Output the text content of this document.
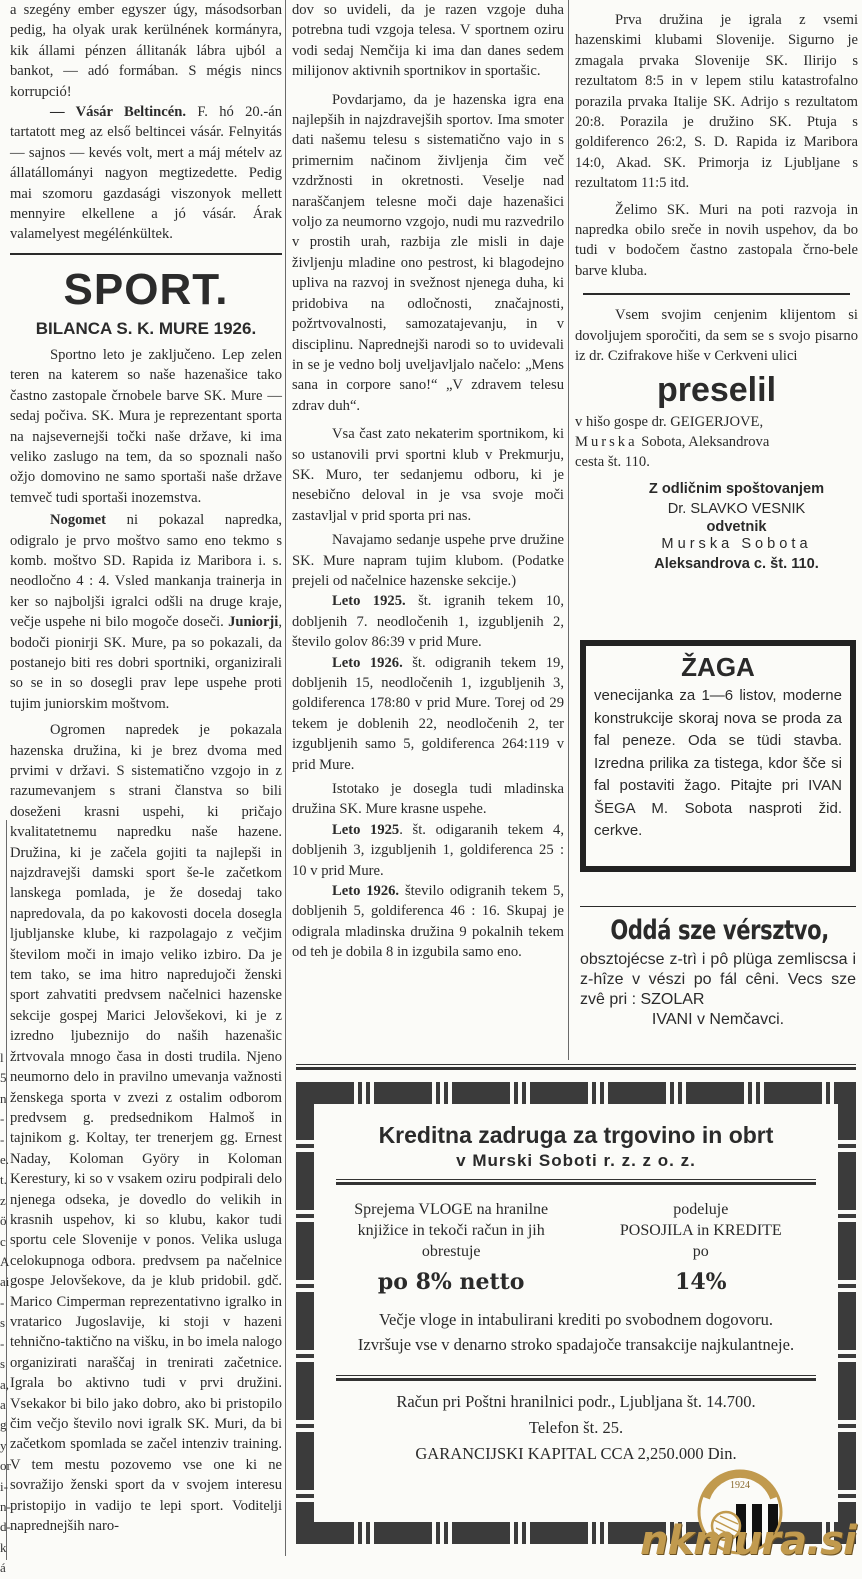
l
5
n
-
-
e.
t.
z
ö
c
A
ai
-
s
-
s
a,
a
g
y
or
i-
n-
d-
k
á

a szegény ember egyszer úgy, másodsorban pedig, ha olyak urak kerülnének kormányra, kik állami pénzen állitanák lábra ujból a bankot, — adó formában. S mégis nincs korrupció!

— Vásár Beltincén. F. hó 20.-án tartatott meg az első beltincei vásár. Felnyitás — sajnos — kevés volt, mert a máj mételv az állatállományi nagyon megtizedette. Pedig mai szomoru gazdasági viszonyok mellett mennyire elkellene a jó vásár. Árak valamelyest megélénkültek.

SPORT.
BILANCA S. K. MURE 1926.

Sportno leto je zaključeno. Lep zelen teren na katerem so naše hazenašice tako častno zastopale črnobele barve SK. Mure — sedaj počiva. SK. Mura je reprezentant sporta na najsevernejši točki naše države, ki ima veliko zaslugo na tem, da so spoznali našo ožjo domovino ne samo sportaši naše države temveč tudi sportaši inozemstva.

Nogomet ni pokazal napredka, odigralo je prvo moštvo samo eno tekmo s komb. moštvo SD. Rapida iz Maribora i. s. neodločno 4 : 4. Vsled mankanja trainerja in ker so najboljši igralci odšli na druge kraje, večje uspehe ni bilo mogoče doseči. Juniorji, bodoči pionirji SK. Mure, pa so pokazali, da postanejo biti res dobri sportniki, organizirali so se in so dosegli prav lepe uspehe proti tujim juniorskim moštvom.

Ogromen napredek je pokazala hazenska družina, ki je brez dvoma med prvimi v državi. S sistematično vzgojo in z razumevanjem s strani članstva so bili doseženi krasni uspehi, ki pričajo kvalitatetnemu napredku naše hazene. Družina, ki je začela gojiti ta najlepši in najzdravejši damski sport še-le začetkom lanskega pomlada, je že dosedaj tako napredovala, da po kakovosti docela dosegla ljubljanske klube, ki razpolagajo z večjim številom moči in imajo veliko izbiro. Da je tem tako, se ima hitro napredujoči ženski sport zahvatiti predvsem načelnici hazenske sekcije gospej Marici Jelovšekovi, ki je z izredno ljubeznijo do naših hazenašic žrtvovala mnogo časa in dosti trudila. Njeno neumorno delo in pravilno umevanja važnosti ženskega sporta v zvezi z ostalim odborom predvsem g. predsednikom Halmoš in tajnikom g. Koltay, ter trenerjem gg. Ernest Naday, Koloman Györy in Koloman Kerestury, ki so v vsakem oziru podpirali delo njenega odseka, je dovedlo do velikih in krasnih uspehov, ki so klubu, kakor tudi sportu cele Slovenije v ponos. Velika usluga celokupnoga odbora. predvsem pa načelnice gospe Jelovšekove, da je klub pridobil. gdč. Marico Cimperman reprezentativno igralko in vratarico Jugoslavije, ki stoji v hazeni tehnično-taktično na višku, in bo imela nalogo organizirati naraščaj in trenirati začetnice. Igrala bo aktivno tudi v prvi družini. Vsekakor bi bilo jako dobro, ako bi pristopilo čim večjo število novi igralk SK. Muri, da bi začetkom spomlada se začel intenziv training. V tem mestu pozovemo vse one ki ne sovražijo ženski sport da v svojem interesu pristopijo in vadijo te lepi sport. Voditelji naprednejših naro-

dov so uvideli, da je razen vzgoje duha potrebna tudi vzgoja telesa. V sportnem oziru vodi sedaj Nemčija ki ima dan danes sedem milijonov aktivnih sportnikov in sportašic.

Povdarjamo, da je hazenska igra ena najlepših in najzdravejših sportov. Ima smoter dati našemu telesu s sistematično vajo in s primernim načinom življenja čim več vzdržnosti in okretnosti. Veselje nad naraščanjem telesne moči daje hazenašici voljo za neumorno vzgojo, nudi mu razvedrilo v prostih urah, razbija zle misli in daje življenju mladine ono pestrost, ki blagodejno upliva na razvoj in svežnost njenega duha, ki pridobiva na odločnosti, značajnosti, požrtvovalnosti, samozatajevanju, in v disciplinu. Naprednejši narodi so to uvidevali in se je vedno bolj uveljavljalo načelo: „Mens sana in corpore sano!“ „V zdravem telesu zdrav duh“.

Vsa čast zato nekaterim sportnikom, ki so ustanovili prvi sportni klub v Prekmurju, SK. Muro, ter sedanjemu odboru, ki je nesebično deloval in je vsa svoje moči zastavljal v prid sporta pri nas.

Navajamo sedanje uspehe prve družine SK. Mure napram tujim klubom. (Podatke prejeli od načelnice hazenske sekcije.)

Leto 1925. št. igranih tekem 10, dobljenih 7. neodločenih 1, izgubljenih 2, število golov 86:39 v prid Mure.

Leto 1926. št. odigranih tekem 19, dobljenih 15, neodločenih 1, izgubljenih 3, goldiferenca 178:80 v prid Mure. Torej od 29 tekem je doblenih 22, neodločenih 2, ter izgubljenih samo 5, goldiferenca 264:119 v prid Mure.

Istotako je dosegla tudi mladinska družina SK. Mure krasne uspehe.

Leto 1925. št. odigaranih tekem 4, dobljenih 3, izgubljenih 1, goldiferenca 25 : 10 v prid Mure.

Leto 1926. število odigranih tekem 5, dobljenih 5, goldiferenca 46 : 16. Skupaj je odigrala mladinska družina 9 pokalnih tekem od teh je dobila 8 in izgubila samo eno.

Prva družina je igrala z vsemi hazenskimi klubami Slovenije. Sigurno je zmagala prvaka Slovenije SK. Ilirijo s rezultatom 8:5 in v lepem stilu katastrofalno porazila prvaka Italije SK. Adrijo s rezultatom 20:8. Porazila je družino SK. Ptuja s goldiferenco 26:2, S. D. Rapida iz Maribora 14:0, Akad. SK. Primorja iz Ljubljane s rezultatom 11:5 itd.

Želimo SK. Muri na poti razvoja in napredka obilo sreče in novih uspehov, da bo tudi v bodočem častno zastopala črno-bele barve kluba.

Vsem svojim cenjenim klijentom si dovoljujem sporočiti, da sem se s svojo pisarno iz dr. Czifrakove hiše v Cerkveni ulici

preselil

v hišo gospe dr. GEIGERJOVE,

Murska Sobota, Aleksandrova

cesta št. 110.

Z odličnim spoštovanjem

Dr. SLAVKO VESNIK

odvetnik

Murska Sobota

Aleksandrova c. št. 110.

ŽAGA

venecijanka za 1—6 listov, moderne konstrukcije skoraj nova se proda za fal peneze. Oda se tüdi stavba. Izredna prilika za tistega, kdor šče si fal postaviti žago. Pitajte pri IVAN ŠEGA M. Sobota nasproti žid. cerkve.

Oddá sze vérsztvo,

obsztojécse z-trì i pô plüga zemliscsa i z-hîze v vészi po fál cêni. Vecs sze zvê pri : SZOLAR

IVANI v Nemčavci.

Kreditna zadruga za trgovino in obrt
v Murski Soboti r. z. z o. z.
Sprejema VLOGE na hranilne knjižice in tekoči račun in jih obrestuje
po 8% netto
podeluje
POSOJILA in KREDITE
po
14%
Večje vloge in intabulirani krediti po svobodnem dogovoru.
Izvršuje vse v denarno stroko spadajoče transakcije najkulantneje.
Račun pri Poštni hranilnici podr., Ljubljana št. 14.700.
Telefon št. 25.
GARANCIJSKI KAPITAL CCA 2,250.000 Din.
1924
N.K.MURA
nkmura.si
